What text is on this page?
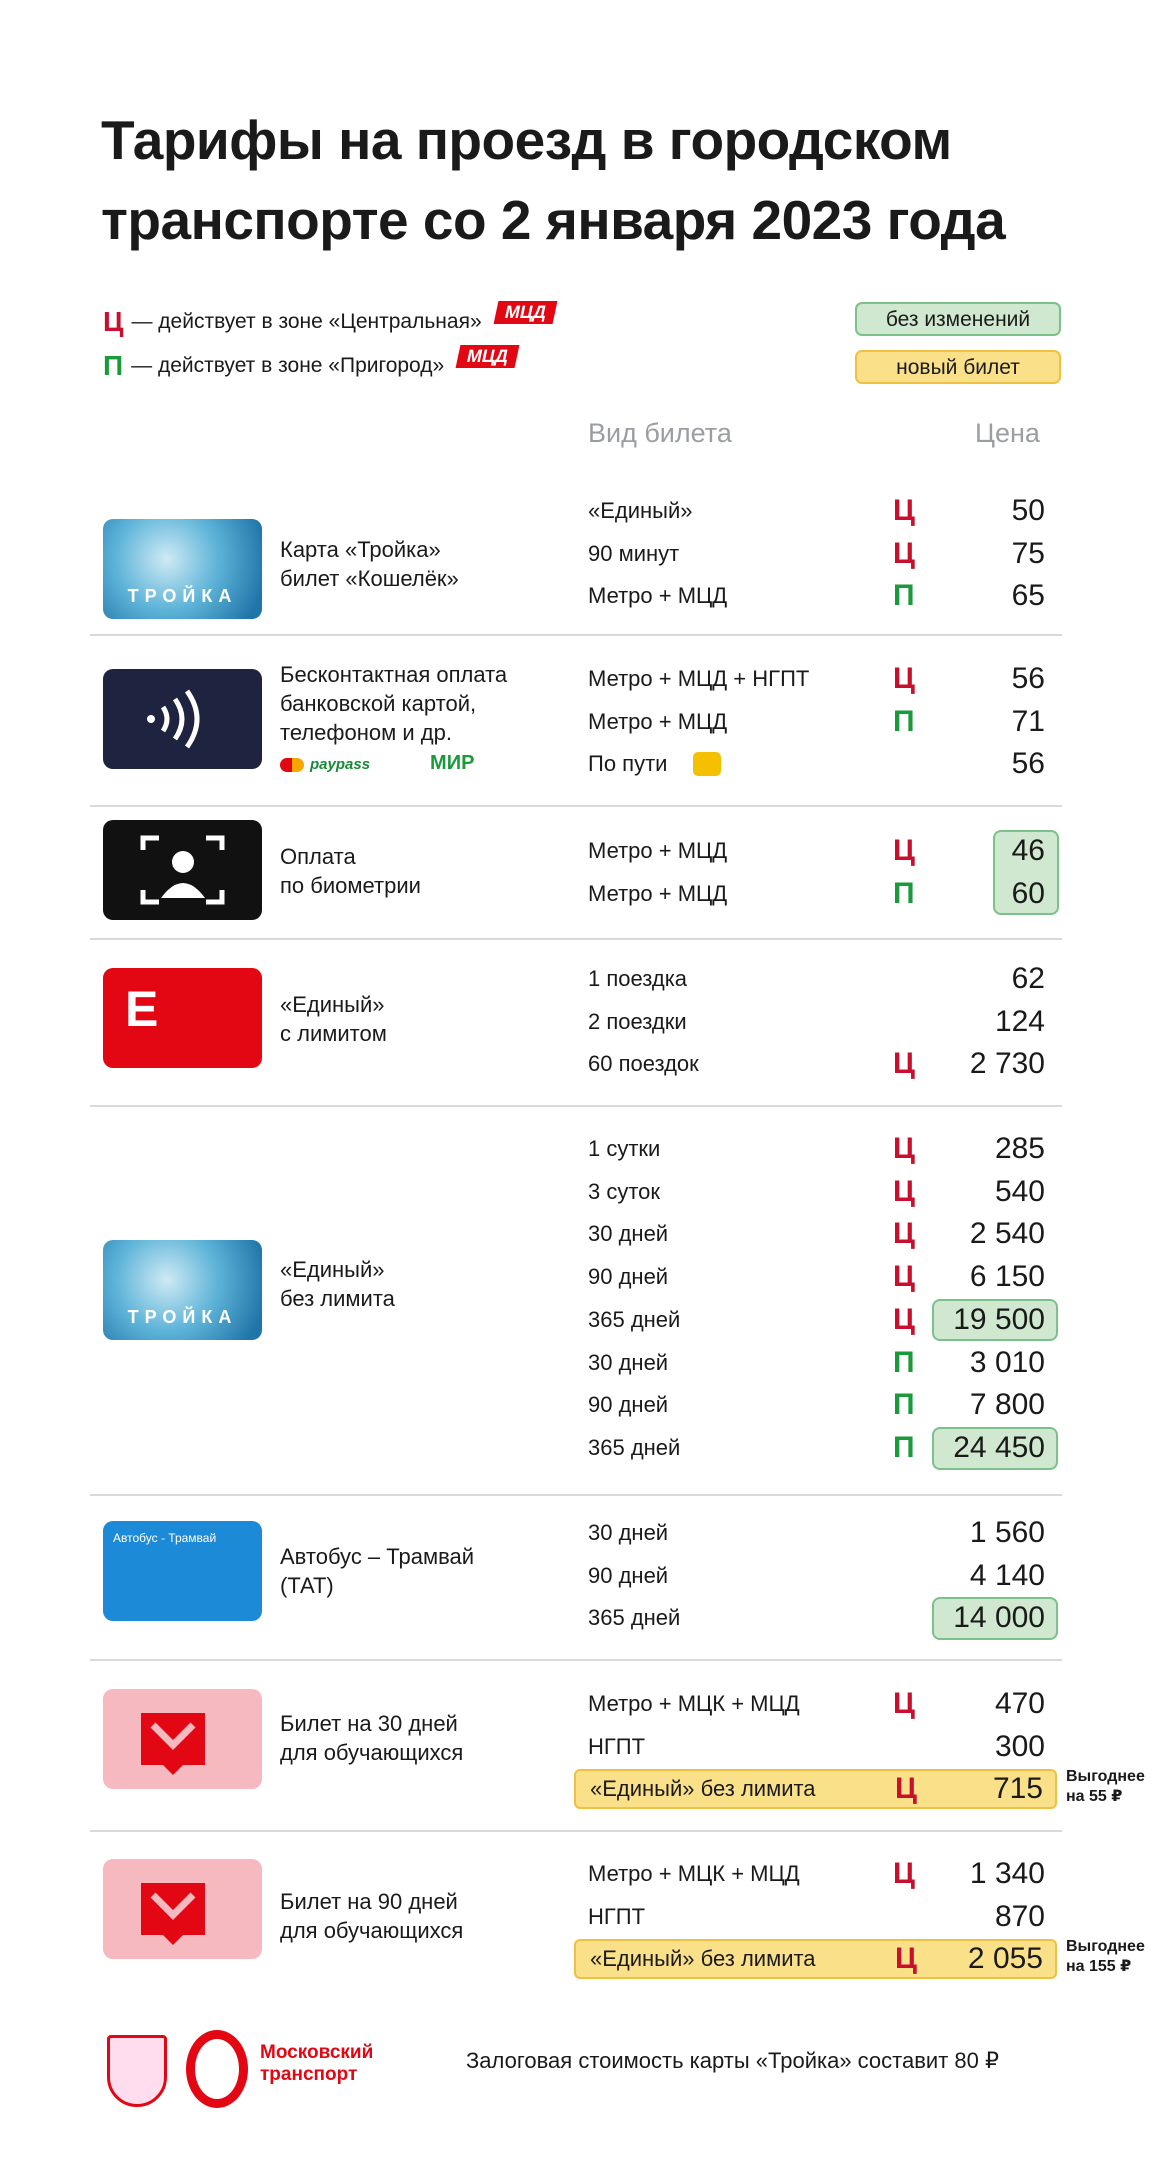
Тарифы на проезд в городском
транспорте со 2 января 2023 года
Ц — действует в зоне «Центральная»	МЦД
П — действует в зоне «Пригород»	МЦД
без изменений
новый билет
Вид билета	Цена
ТРОЙКА
Карта «Тройка»
билет «Кошелёк»
«Единый»	Ц	50
90 минут	Ц	75
Метро + МЦД	П	65
Бесконтактная оплата
банковской картой,
телефоном и др.
paypass	МИР
Метро + МЦД + НГПТ	Ц	56
Метро + МЦД	П	71
По пути	56
Оплата
по биометрии
Метро + МЦД	Ц	46
Метро + МЦД	П	60
E	«Единый»
с лимитом
1 поездка	62
2 поездки	124
60 поездок	Ц	2 730
ТРОЙКА
«Единый»
без лимита
1 сутки	Ц	285
3 суток	Ц	540
30 дней	Ц	2 540
90 дней	Ц	6 150
365 дней	Ц	19 500
30 дней	П	3 010
90 дней	П	7 800
365 дней	П	24 450
Автобус - Трамвай
Автобус – Трамвай
(ТАТ)
30 дней	1 560
90 дней	4 140
365 дней	14 000
Билет на 30 дней
для обучающихся
Метро + МЦК + МЦД	Ц	470
НГПТ	300
«Единый» без лимита	Ц	715	Выгоднее
на 55 ₽
Билет на 90 дней
для обучающихся
Метро + МЦК + МЦД	Ц	1 340
НГПТ	870
«Единый» без лимита	Ц	2 055	Выгоднее
на 155 ₽
Московский
транспорт
Залоговая стоимость карты «Тройка» составит 80 ₽
